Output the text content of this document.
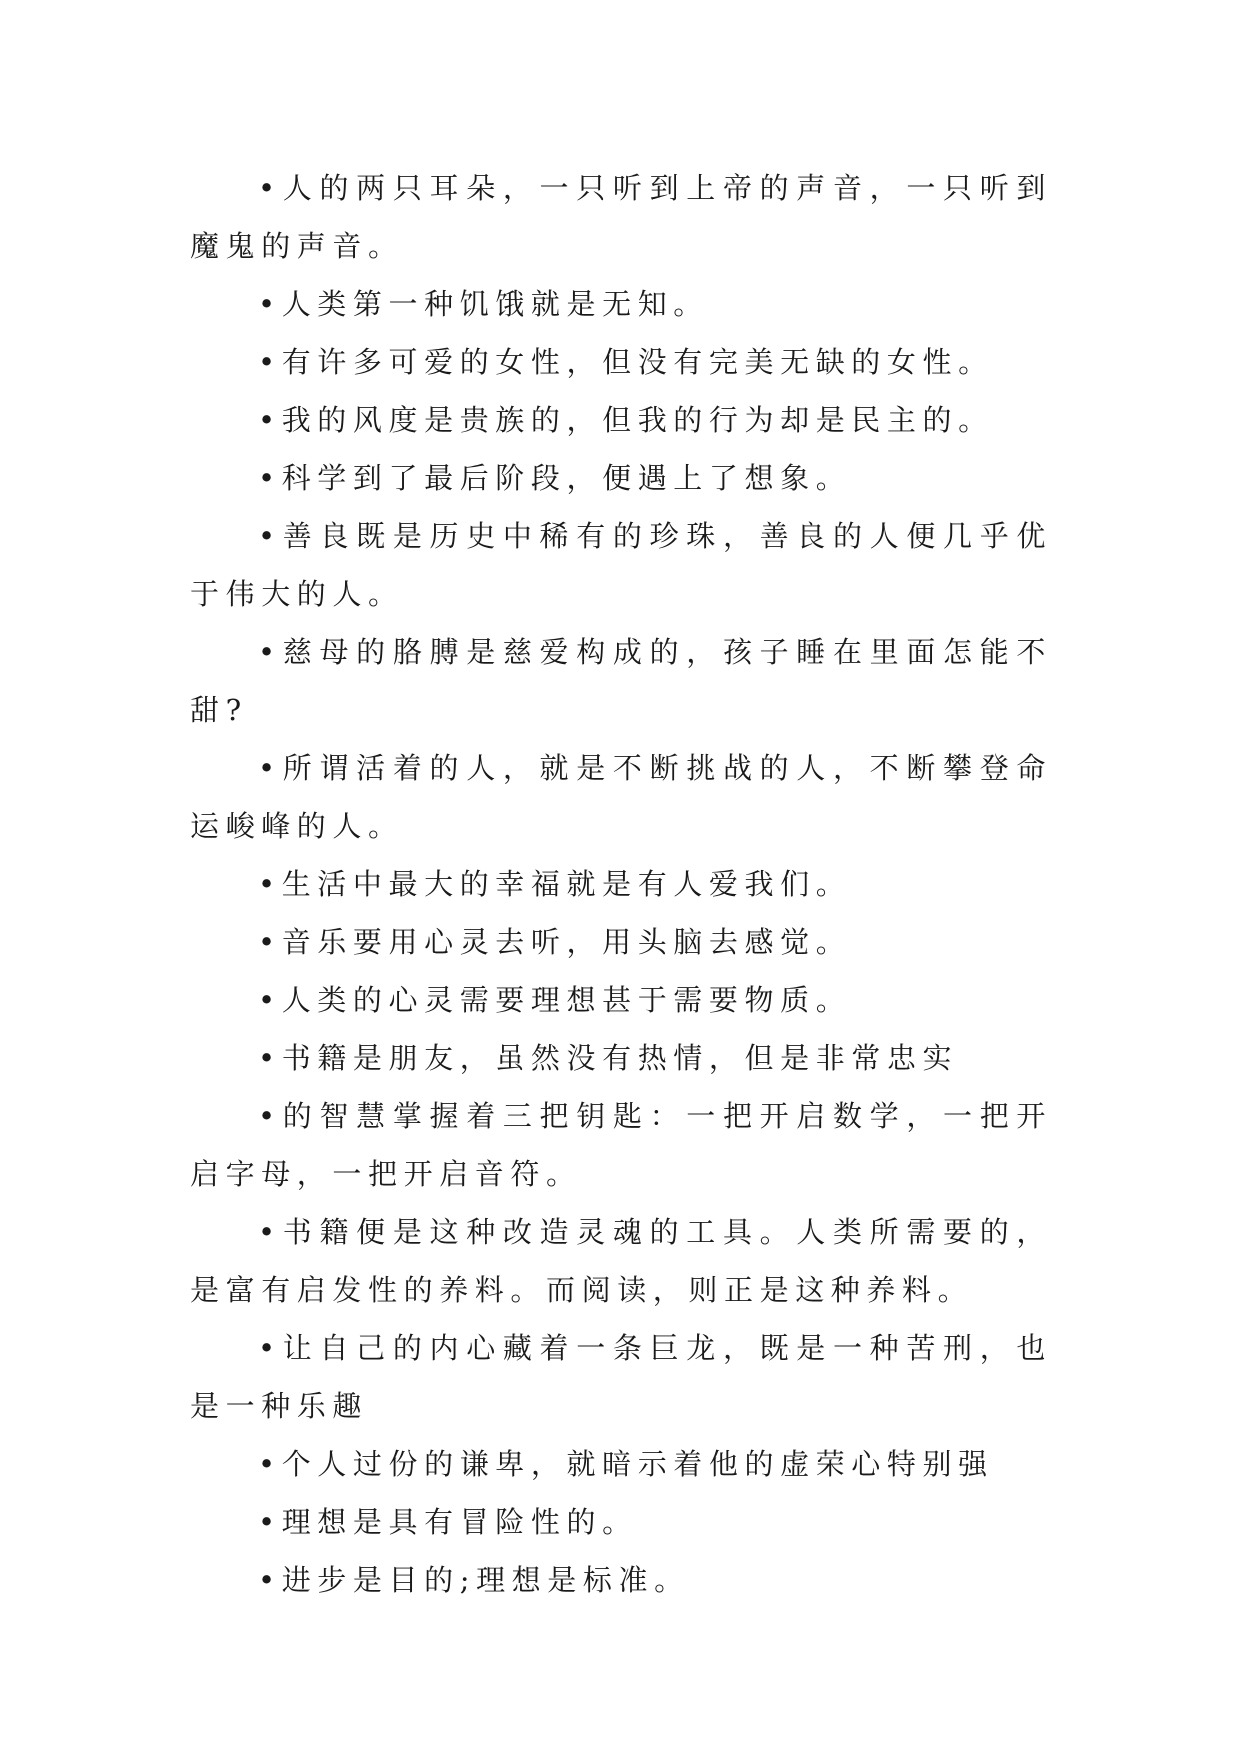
•人的两只耳朵，一只听到上帝的声音，一只听到魔鬼的声音。

•人类第一种饥饿就是无知。

•有许多可爱的女性，但没有完美无缺的女性。

•我的风度是贵族的，但我的行为却是民主的。

•科学到了最后阶段，便遇上了想象。

•善良既是历史中稀有的珍珠，善良的人便几乎优于伟大的人。

•慈母的胳膊是慈爱构成的，孩子睡在里面怎能不甜?

•所谓活着的人，就是不断挑战的人，不断攀登命运峻峰的人。

•生活中最大的幸福就是有人爱我们。

•音乐要用心灵去听，用头脑去感觉。

•人类的心灵需要理想甚于需要物质。

•书籍是朋友，虽然没有热情，但是非常忠实

•的智慧掌握着三把钥匙：一把开启数学，一把开启字母，一把开启音符。

•书籍便是这种改造灵魂的工具。人类所需要的，是富有启发性的养料。而阅读，则正是这种养料。

•让自己的内心藏着一条巨龙，既是一种苦刑，也是一种乐趣

•个人过份的谦卑，就暗示着他的虚荣心特别强

•理想是具有冒险性的。

•进步是目的;理想是标准。
